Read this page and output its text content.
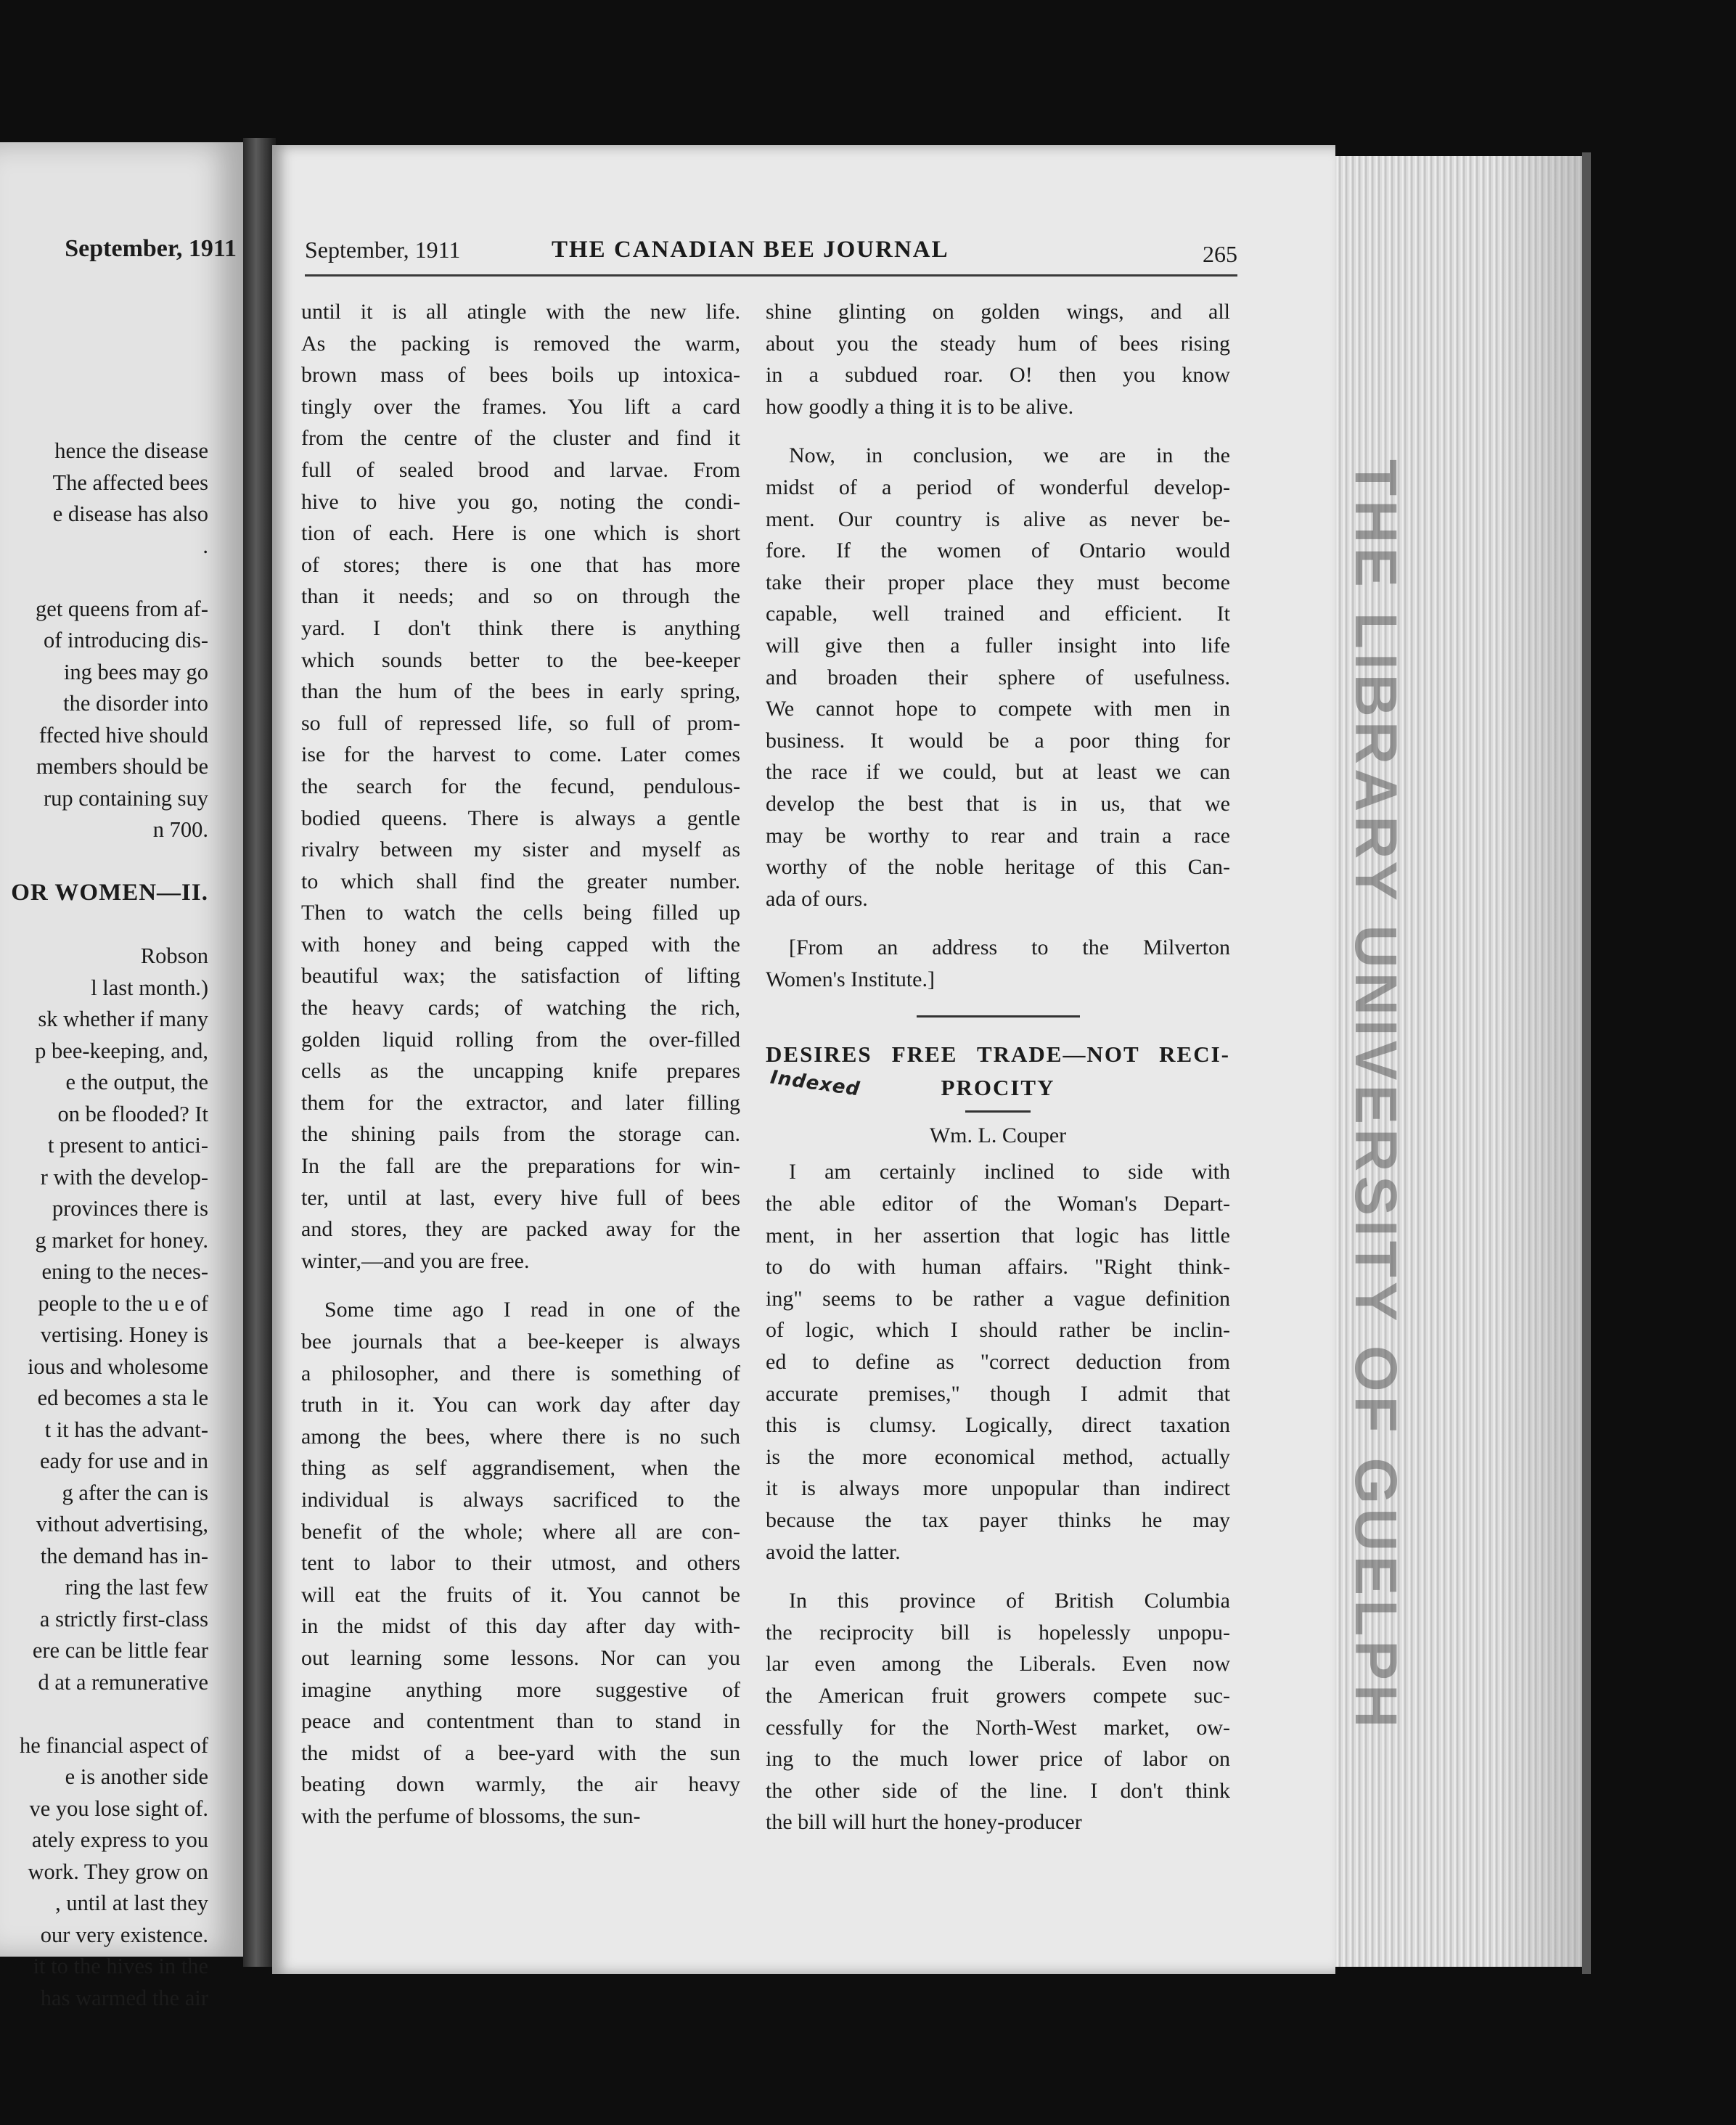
September, 1911
hence the disease
The affected bees
e disease has also
.
get queens from af-
of introducing dis-
ing bees may go
the disorder into
ffected hive should
members should be
rup containing suy
n 700.
OR WOMEN—II.
Robson
l last month.)
sk whether if many
p bee-keeping, and,
e the output, the
on be flooded? It
t present to antici-
r with the develop-
provinces there is
g market for honey.
ening to the neces-
people to the u e of
vertising. Honey is
ious and wholesome
ed becomes a sta le
t it has the advant-
eady for use and in
g after the can is
vithout advertising,
the demand has in-
ring the last few
a strictly first-class
ere can be little fear
d at a remunerative
he financial aspect of
e is another side
ve you lose sight of.
ately express to you
work. They grow on
, until at last they
our very existence.
it to the hives in the
has warmed the air
September, 1911	THE CANADIAN BEE JOURNAL	265
until it is all atingle with the new life.
As the packing is removed the warm,
brown mass of bees boils up intoxica-
tingly over the frames. You lift a card
from the centre of the cluster and find it
full of sealed brood and larvae. From
hive to hive you go, noting the condi-
tion of each. Here is one which is short
of stores; there is one that has more
than it needs; and so on through the
yard. I don't think there is anything
which sounds better to the bee-keeper
than the hum of the bees in early spring,
so full of repressed life, so full of prom-
ise for the harvest to come. Later comes
the search for the fecund, pendulous-
bodied queens. There is always a gentle
rivalry between my sister and myself as
to which shall find the greater number.
Then to watch the cells being filled up
with honey and being capped with the
beautiful wax; the satisfaction of lifting
the heavy cards; of watching the rich,
golden liquid rolling from the over-filled
cells as the uncapping knife prepares
them for the extractor, and later filling
the shining pails from the storage can.
In the fall are the preparations for win-
ter, until at last, every hive full of bees
and stores, they are packed away for the
winter,—and you are free.
Some time ago I read in one of the
bee journals that a bee-keeper is always
a philosopher, and there is something of
truth in it. You can work day after day
among the bees, where there is no such
thing as self aggrandisement, when the
individual is always sacrificed to the
benefit of the whole; where all are con-
tent to labor to their utmost, and others
will eat the fruits of it. You cannot be
in the midst of this day after day with-
out learning some lessons. Nor can you
imagine anything more suggestive of
peace and contentment than to stand in
the midst of a bee-yard with the sun
beating down warmly, the air heavy
with the perfume of blossoms, the sun-
shine glinting on golden wings, and all
about you the steady hum of bees rising
in a subdued roar. O! then you know
how goodly a thing it is to be alive.
Now, in conclusion, we are in the
midst of a period of wonderful develop-
ment. Our country is alive as never be-
fore. If the women of Ontario would
take their proper place they must become
capable, well trained and efficient. It
will give then a fuller insight into life
and broaden their sphere of usefulness.
We cannot hope to compete with men in
business. It would be a poor thing for
the race if we could, but at least we can
develop the best that is in us, that we
may be worthy to rear and train a race
worthy of the noble heritage of this Can-
ada of ours.
[From an address to the Milverton
Women's Institute.]
DESIRES FREE TRADE—NOT RECI-
PROCITY
Indexed
Wm. L. Couper
I am certainly inclined to side with
the able editor of the Woman's Depart-
ment, in her assertion that logic has little
to do with human affairs. "Right think-
ing" seems to be rather a vague definition
of logic, which I should rather be inclin-
ed to define as "correct deduction from
accurate premises," though I admit that
this is clumsy. Logically, direct taxation
is the more economical method, actually
it is always more unpopular than indirect
because the tax payer thinks he may
avoid the latter.
In this province of British Columbia
the reciprocity bill is hopelessly unpopu-
lar even among the Liberals. Even now
the American fruit growers compete suc-
cessfully for the North-West market, ow-
ing to the much lower price of labor on
the other side of the line. I don't think
the bill will hurt the honey-producer
THE LIBRARY UNIVERSITY OF GUELPH
